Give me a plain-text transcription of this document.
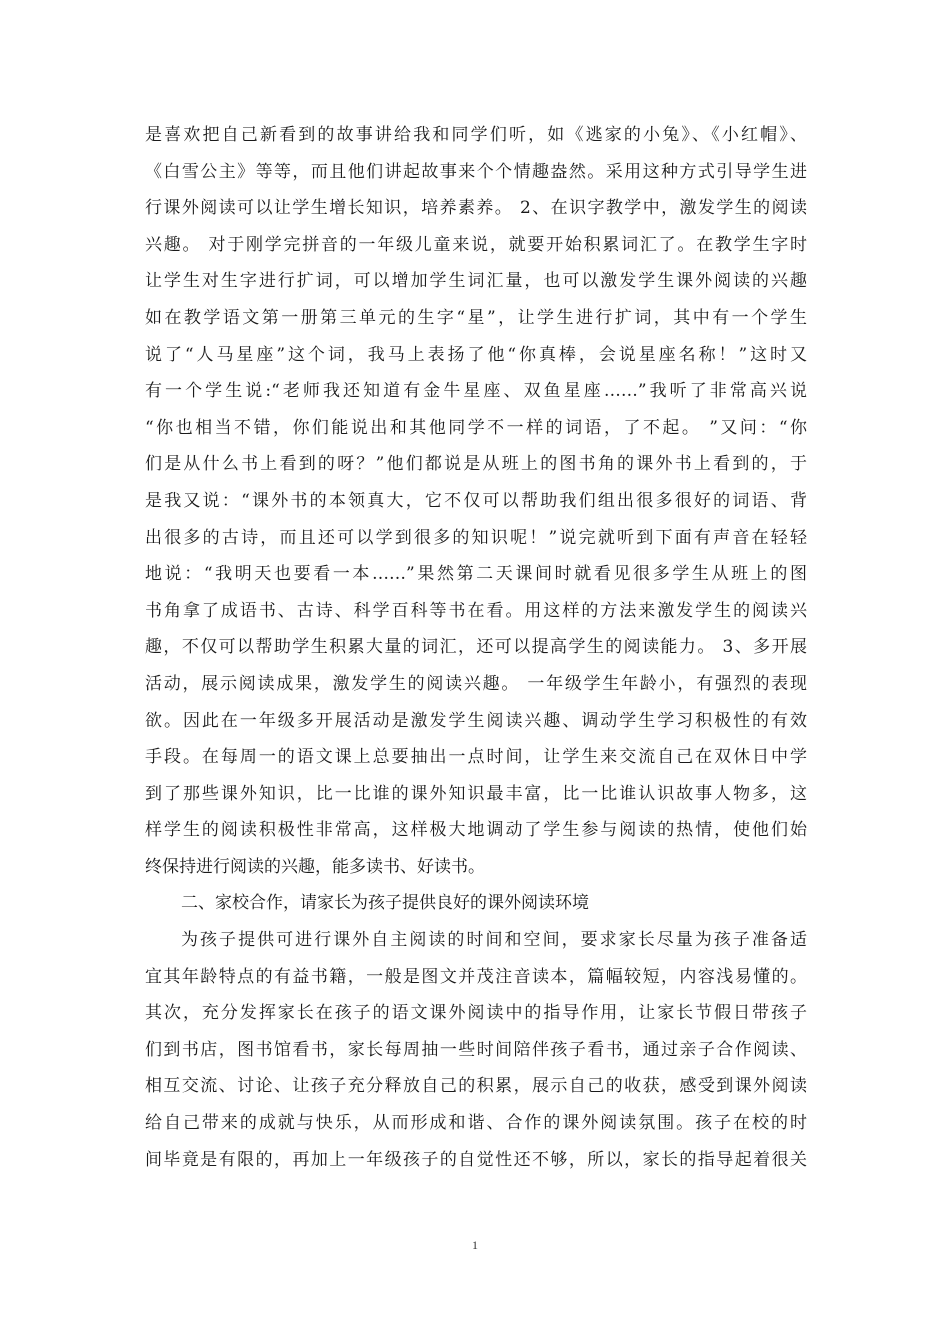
是喜欢把自己新看到的故事讲给我和同学们听，如《逃家的小兔》、《小红帽》、
《白雪公主》等等，而且他们讲起故事来个个情趣盎然。采用这种方式引导学生进
行课外阅读可以让学生增长知识，培养素养。 2、在识字教学中，激发学生的阅读
兴趣。 对于刚学完拼音的一年级儿童来说，就要开始积累词汇了。在教学生字时
让学生对生字进行扩词，可以增加学生词汇量，也可以激发学生课外阅读的兴趣
如在教学语文第一册第三单元的生字“星”，让学生进行扩词，其中有一个学生
说了“人马星座”这个词，我马上表扬了他“你真棒，会说星座名称！”这时又
有一个学生说:“老师我还知道有金牛星座、双鱼星座……”我听了非常高兴说
“你也相当不错，你们能说出和其他同学不一样的词语，了不起。 ”又问：“你
们是从什么书上看到的呀？”他们都说是从班上的图书角的课外书上看到的，于
是我又说：“课外书的本领真大，它不仅可以帮助我们组出很多很好的词语、背
出很多的古诗，而且还可以学到很多的知识呢！”说完就听到下面有声音在轻轻
地说：“我明天也要看一本……”果然第二天课间时就看见很多学生从班上的图
书角拿了成语书、古诗、科学百科等书在看。用这样的方法来激发学生的阅读兴
趣，不仅可以帮助学生积累大量的词汇，还可以提高学生的阅读能力。 3、多开展
活动，展示阅读成果，激发学生的阅读兴趣。 一年级学生年龄小，有强烈的表现
欲。因此在一年级多开展活动是激发学生阅读兴趣、调动学生学习积极性的有效
手段。在每周一的语文课上总要抽出一点时间，让学生来交流自己在双休日中学
到了那些课外知识，比一比谁的课外知识最丰富，比一比谁认识故事人物多，这
样学生的阅读积极性非常高，这样极大地调动了学生参与阅读的热情，使他们始
终保持进行阅读的兴趣，能多读书、好读书。
二、家校合作，请家长为孩子提供良好的课外阅读环境
为孩子提供可进行课外自主阅读的时间和空间，要求家长尽量为孩子准备适
宜其年龄特点的有益书籍，一般是图文并茂注音读本，篇幅较短，内容浅易懂的。
其次，充分发挥家长在孩子的语文课外阅读中的指导作用，让家长节假日带孩子
们到书店，图书馆看书，家长每周抽一些时间陪伴孩子看书，通过亲子合作阅读、
相互交流、讨论、让孩子充分释放自己的积累，展示自己的收获，感受到课外阅读
给自己带来的成就与快乐，从而形成和谐、合作的课外阅读氛围。孩子在校的时
间毕竟是有限的，再加上一年级孩子的自觉性还不够，所以，家长的指导起着很关
1
